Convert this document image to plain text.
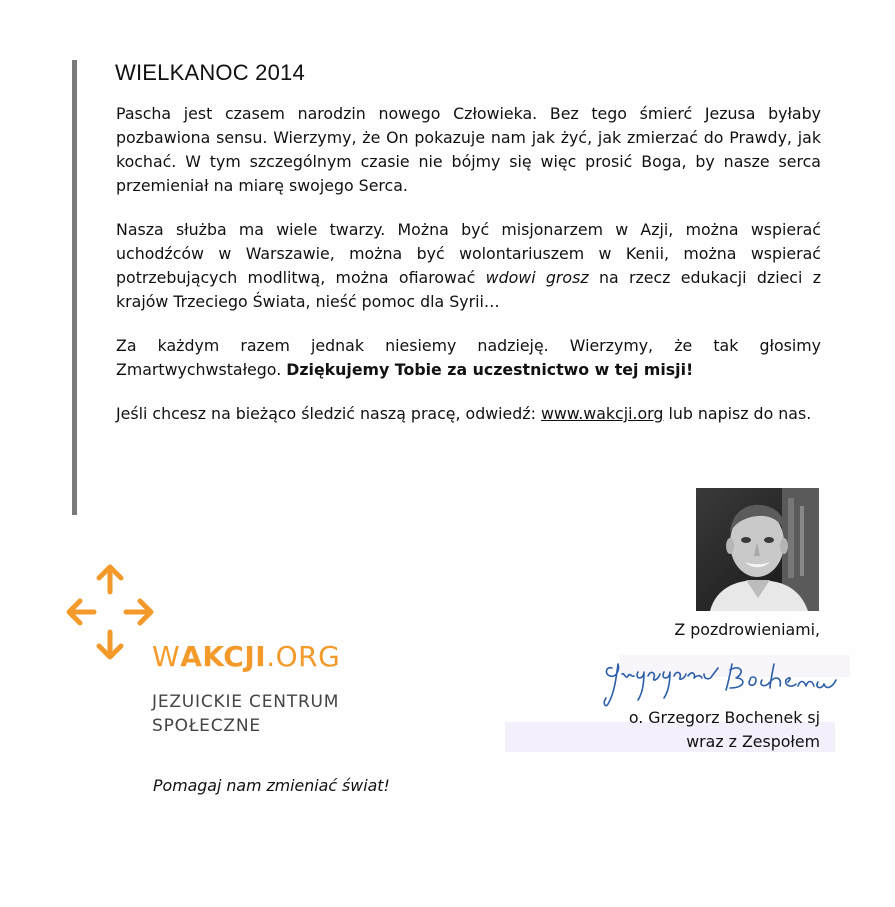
WIELKANOC 2014

Pascha jest czasem narodzin nowego Człowieka. Bez tego śmierć Jezusa byłaby pozbawiona sensu. Wierzymy, że On pokazuje nam jak żyć, jak zmierzać do Prawdy, jak kochać. W tym szczególnym czasie nie bójmy się więc prosić Boga, by nasze serca przemieniał na miarę swojego Serca.

Nasza służba ma wiele twarzy. Można być misjonarzem w Azji, można wspierać uchodźców w Warszawie, można być wolontariuszem w Kenii, można wspierać potrzebujących modlitwą, można ofiarować wdowi grosz na rzecz edukacji dzieci z krajów Trzeciego Świata, nieść pomoc dla Syrii…

Za każdym razem jednak niesiemy nadzieję. Wierzymy, że tak głosimy Zmartwychwstałego. Dziękujemy Tobie za uczestnictwo w tej misji!

Jeśli chcesz na bieżąco śledzić naszą pracę, odwiedź: www.wakcji.org lub napisz do nas.

Z pozdrowieniami,
o. Grzegorz Bochenek sj
wraz z Zespołem
WAKCJI.ORG
JEZUICKIE CENTRUM
SPOŁECZNE
Pomagaj nam zmieniać świat!
